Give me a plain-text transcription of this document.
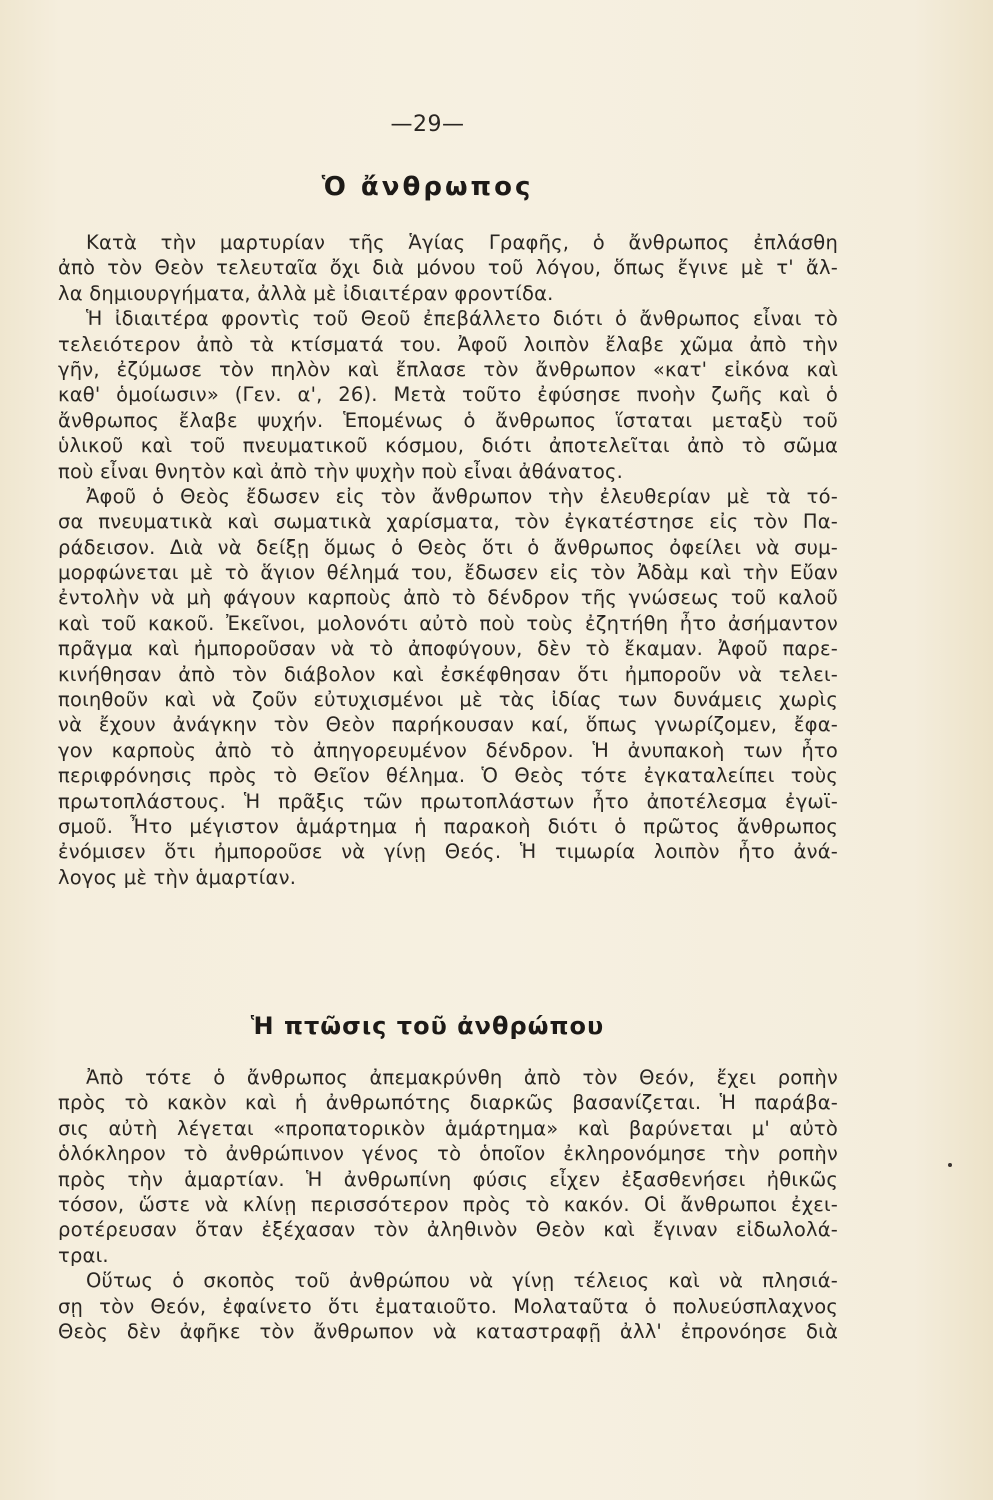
—29—
Ὁ ἄνθρωπος
Κατὰ τὴν μαρτυρίαν τῆς Ἁγίας Γραφῆς, ὁ ἄνθρωπος ἐπλάσθη
ἀπὸ τὸν Θεὸν τελευταῖα ὄχι διὰ μόνου τοῦ λόγου, ὅπως ἔγινε μὲ τ' ἄλ-
λα δημιουργήματα, ἀλλὰ μὲ ἰδιαιτέραν φροντίδα.
Ἡ ἰδιαιτέρα φροντὶς τοῦ Θεοῦ ἐπεβάλλετο διότι ὁ ἄνθρωπος εἶναι τὸ
τελειότερον ἀπὸ τὰ κτίσματά του. Ἀφοῦ λοιπὸν ἔλαβε χῶμα ἀπὸ τὴν
γῆν, ἐζύμωσε τὸν πηλὸν καὶ ἔπλασε τὸν ἄνθρωπον «κατ' εἰκόνα καὶ
καθ' ὁμοίωσιν» (Γεν. α', 26). Μετὰ τοῦτο ἐφύσησε πνοὴν ζωῆς καὶ ὁ
ἄνθρωπος ἔλαβε ψυχήν. Ἑπομένως ὁ ἄνθρωπος ἵσταται μεταξὺ τοῦ
ὑλικοῦ καὶ τοῦ πνευματικοῦ κόσμου, διότι ἀποτελεῖται ἀπὸ τὸ σῶμα
ποὺ εἶναι θνητὸν καὶ ἀπὸ τὴν ψυχὴν ποὺ εἶναι ἀθάνατος.
Ἀφοῦ ὁ Θεὸς ἔδωσεν εἰς τὸν ἄνθρωπον τὴν ἐλευθερίαν μὲ τὰ τό-
σα πνευματικὰ καὶ σωματικὰ χαρίσματα, τὸν ἐγκατέστησε εἰς τὸν Πα-
ράδεισον. Διὰ νὰ δείξῃ ὅμως ὁ Θεὸς ὅτι ὁ ἄνθρωπος ὀφείλει νὰ συμ-
μορφώνεται μὲ τὸ ἅγιον θέλημά του, ἔδωσεν εἰς τὸν Ἀδὰμ καὶ τὴν Εὔαν
ἐντολὴν νὰ μὴ φάγουν καρποὺς ἀπὸ τὸ δένδρον τῆς γνώσεως τοῦ καλοῦ
καὶ τοῦ κακοῦ. Ἐκεῖνοι, μολονότι αὐτὸ ποὺ τοὺς ἐζητήθη ἦτο ἀσήμαντον
πρᾶγμα καὶ ἠμποροῦσαν νὰ τὸ ἀποφύγουν, δὲν τὸ ἔκαμαν. Ἀφοῦ παρε-
κινήθησαν ἀπὸ τὸν διάβολον καὶ ἐσκέφθησαν ὅτι ἠμποροῦν νὰ τελει-
ποιηθοῦν καὶ νὰ ζοῦν εὐτυχισμένοι μὲ τὰς ἰδίας των δυνάμεις χωρὶς
νὰ ἔχουν ἀνάγκην τὸν Θεὸν παρήκουσαν καί, ὅπως γνωρίζομεν, ἔφα-
γον καρποὺς ἀπὸ τὸ ἀπηγορευμένον δένδρον. Ἡ ἀνυπακοὴ των ἦτο
περιφρόνησις πρὸς τὸ Θεῖον θέλημα. Ὁ Θεὸς τότε ἐγκαταλείπει τοὺς
πρωτοπλάστους. Ἡ πρᾶξις τῶν πρωτοπλάστων ἦτο ἀποτέλεσμα ἐγωϊ-
σμοῦ. Ἦτο μέγιστον ἁμάρτημα ἡ παρακοὴ διότι ὁ πρῶτος ἄνθρωπος
ἐνόμισεν ὅτι ἠμποροῦσε νὰ γίνῃ Θεός. Ἡ τιμωρία λοιπὸν ἦτο ἀνά-
λογος μὲ τὴν ἁμαρτίαν.
Ἡ πτῶσις τοῦ ἀνθρώπου
Ἀπὸ τότε ὁ ἄνθρωπος ἀπεμακρύνθη ἀπὸ τὸν Θεόν, ἔχει ροπὴν
πρὸς τὸ κακὸν καὶ ἡ ἀνθρωπότης διαρκῶς βασανίζεται. Ἡ παράβα-
σις αὐτὴ λέγεται «προπατορικὸν ἁμάρτημα» καὶ βαρύνεται μ' αὐτὸ
ὁλόκληρον τὸ ἀνθρώπινον γένος τὸ ὁποῖον ἐκληρονόμησε τὴν ροπὴν
πρὸς τὴν ἁμαρτίαν. Ἡ ἀνθρωπίνη φύσις εἶχεν ἐξασθενήσει ἠθικῶς
τόσον, ὥστε νὰ κλίνῃ περισσότερον πρὸς τὸ κακόν. Οἱ ἄνθρωποι ἐχει-
ροτέρευσαν ὅταν ἐξέχασαν τὸν ἀληθινὸν Θεὸν καὶ ἔγιναν εἰδωλολά-
τραι.
Οὕτως ὁ σκοπὸς τοῦ ἀνθρώπου νὰ γίνῃ τέλειος καὶ νὰ πλησιά-
σῃ τὸν Θεόν, ἐφαίνετο ὅτι ἐματαιοῦτο. Μολαταῦτα ὁ πολυεύσπλαχνος
Θεὸς δὲν ἀφῆκε τὸν ἄνθρωπον νὰ καταστραφῇ ἀλλ' ἐπρονόησε διὰ
